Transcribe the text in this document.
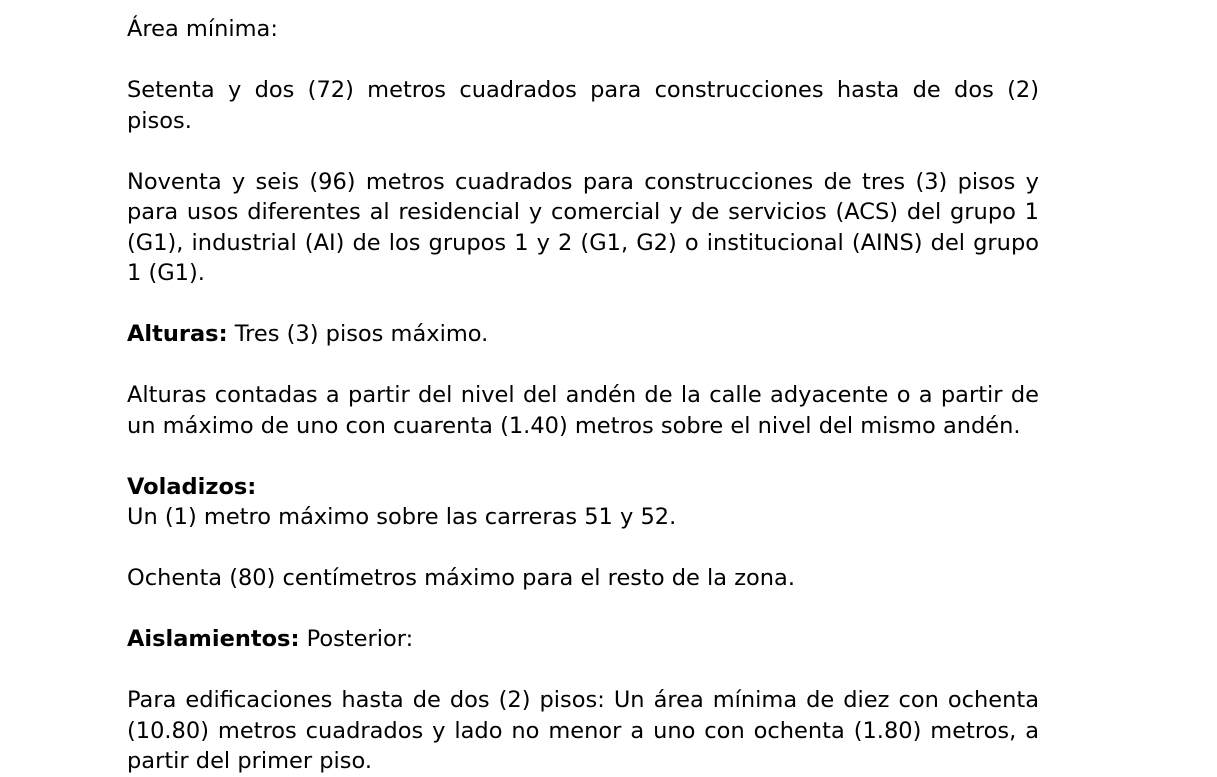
Área mínima:

Setenta y dos (72) metros cuadrados para construcciones hasta de dos (2) pisos.

Noventa y seis (96) metros cuadrados para construcciones de tres (3) pisos y para usos diferentes al residencial y comercial y de servicios (ACS) del grupo 1 (G1), industrial (AI) de los grupos 1 y 2 (G1, G2) o institucional (AINS) del grupo 1 (G1).

Alturas: Tres (3) pisos máximo.

Alturas contadas a partir del nivel del andén de la calle adyacente o a partir de un máximo de uno con cuarenta (1.40) metros sobre el nivel del mismo andén.

Voladizos:

Un (1) metro máximo sobre las carreras 51 y 52.

Ochenta (80) centímetros máximo para el resto de la zona.

Aislamientos: Posterior:

Para edificaciones hasta de dos (2) pisos: Un área mínima de diez con ochenta (10.80) metros cuadrados y lado no menor a uno con ochenta (1.80) metros, a partir del primer piso.
